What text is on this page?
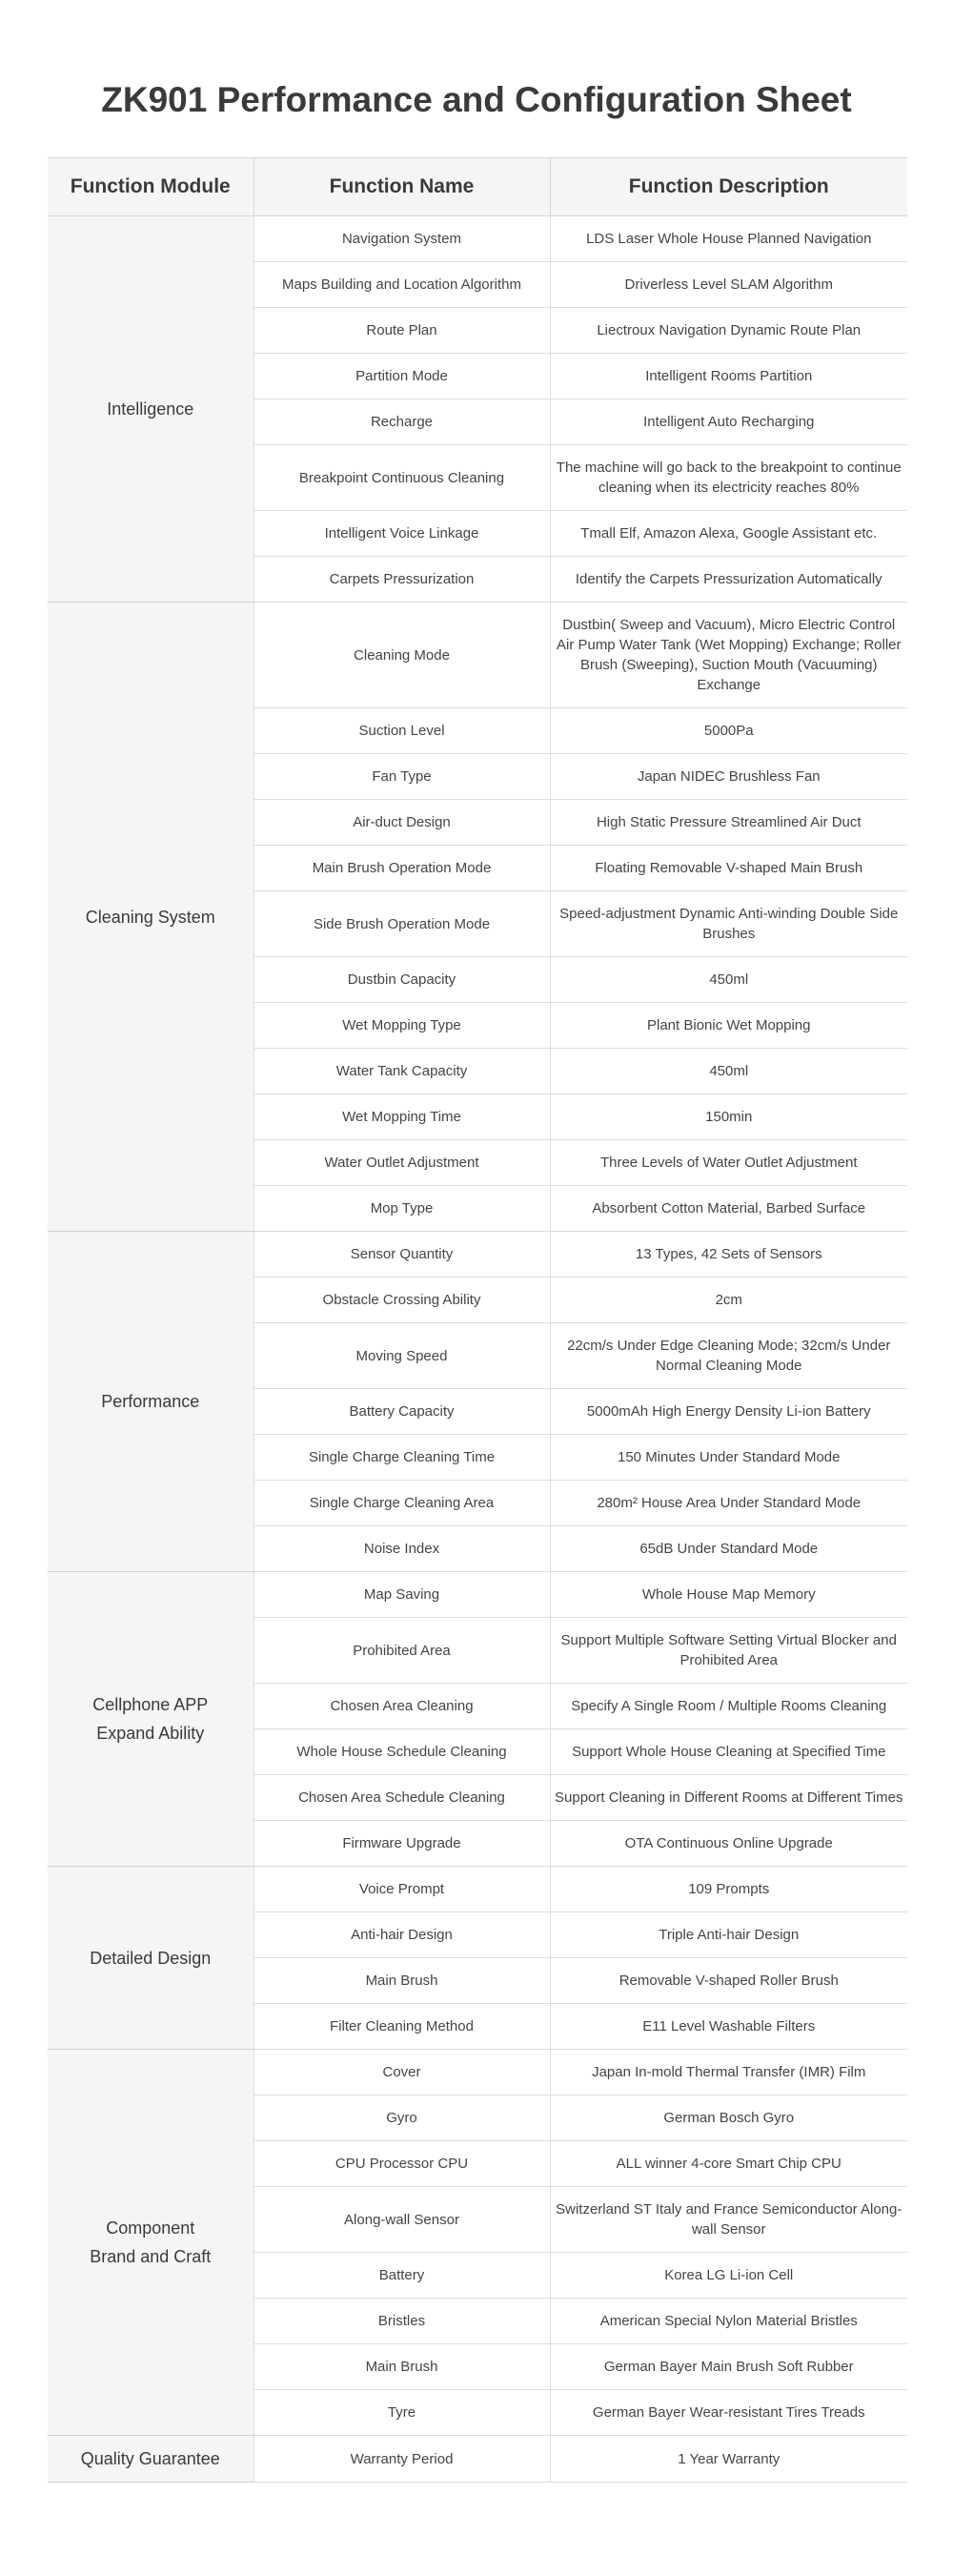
ZK901 Performance and Configuration Sheet
Function Module	Function Name	Function Description
Intelligence	Navigation System	LDS Laser Whole House Planned Navigation
	Maps Building and Location Algorithm	Driverless Level SLAM Algorithm
	Route Plan	Liectroux Navigation Dynamic Route Plan
	Partition Mode	Intelligent Rooms Partition
	Recharge	Intelligent Auto Recharging
	Breakpoint Continuous Cleaning	The machine will go back to the breakpoint to continue cleaning when its electricity reaches 80%
	Intelligent Voice Linkage	Tmall Elf, Amazon Alexa, Google Assistant etc.
	Carpets Pressurization	Identify the Carpets Pressurization Automatically
Cleaning System	Cleaning Mode	Dustbin( Sweep and Vacuum), Micro Electric Control Air Pump Water Tank (Wet Mopping) Exchange; Roller Brush (Sweeping), Suction Mouth (Vacuuming) Exchange
	Suction Level	5000Pa
	Fan Type	Japan NIDEC Brushless Fan
	Air-duct Design	High Static Pressure Streamlined Air Duct
	Main Brush Operation Mode	Floating Removable V-shaped Main Brush
	Side Brush Operation Mode	Speed-adjustment Dynamic Anti-winding Double Side Brushes
	Dustbin Capacity	450ml
	Wet Mopping Type	Plant Bionic Wet Mopping
	Water Tank Capacity	450ml
	Wet Mopping Time	150min
	Water Outlet Adjustment	Three Levels of Water Outlet Adjustment
	Mop Type	Absorbent Cotton Material, Barbed Surface
Performance	Sensor Quantity	13 Types, 42 Sets of Sensors
	Obstacle Crossing Ability	2cm
	Moving Speed	22cm/s Under Edge Cleaning Mode; 32cm/s Under Normal Cleaning Mode
	Battery Capacity	5000mAh High Energy Density Li-ion Battery
	Single Charge Cleaning Time	150 Minutes Under Standard Mode
	Single Charge Cleaning Area	280m² House Area Under Standard Mode
	Noise Index	65dB Under Standard Mode
Cellphone APP
Expand Ability	Map Saving	Whole House Map Memory
	Prohibited Area	Support Multiple Software Setting Virtual Blocker and Prohibited Area
	Chosen Area Cleaning	Specify A Single Room / Multiple Rooms Cleaning
	Whole House Schedule Cleaning	Support Whole House Cleaning at Specified Time
	Chosen Area Schedule Cleaning	Support Cleaning in Different Rooms at Different Times
	Firmware Upgrade	OTA Continuous Online Upgrade
Detailed Design	Voice Prompt	109 Prompts
	Anti-hair Design	Triple Anti-hair Design
	Main Brush	Removable V-shaped Roller Brush
	Filter Cleaning Method	E11 Level Washable Filters
Component
Brand and Craft	Cover	Japan In-mold Thermal Transfer (IMR) Film
	Gyro	German Bosch Gyro
	CPU Processor CPU	ALL winner 4-core Smart Chip CPU
	Along-wall Sensor	Switzerland ST Italy and France Semiconductor Along-wall Sensor
	Battery	Korea LG Li-ion Cell
	Bristles	American Special Nylon Material Bristles
	Main Brush	German Bayer Main Brush Soft Rubber
	Tyre	German Bayer Wear-resistant Tires Treads
Quality Guarantee	Warranty Period	1 Year Warranty
